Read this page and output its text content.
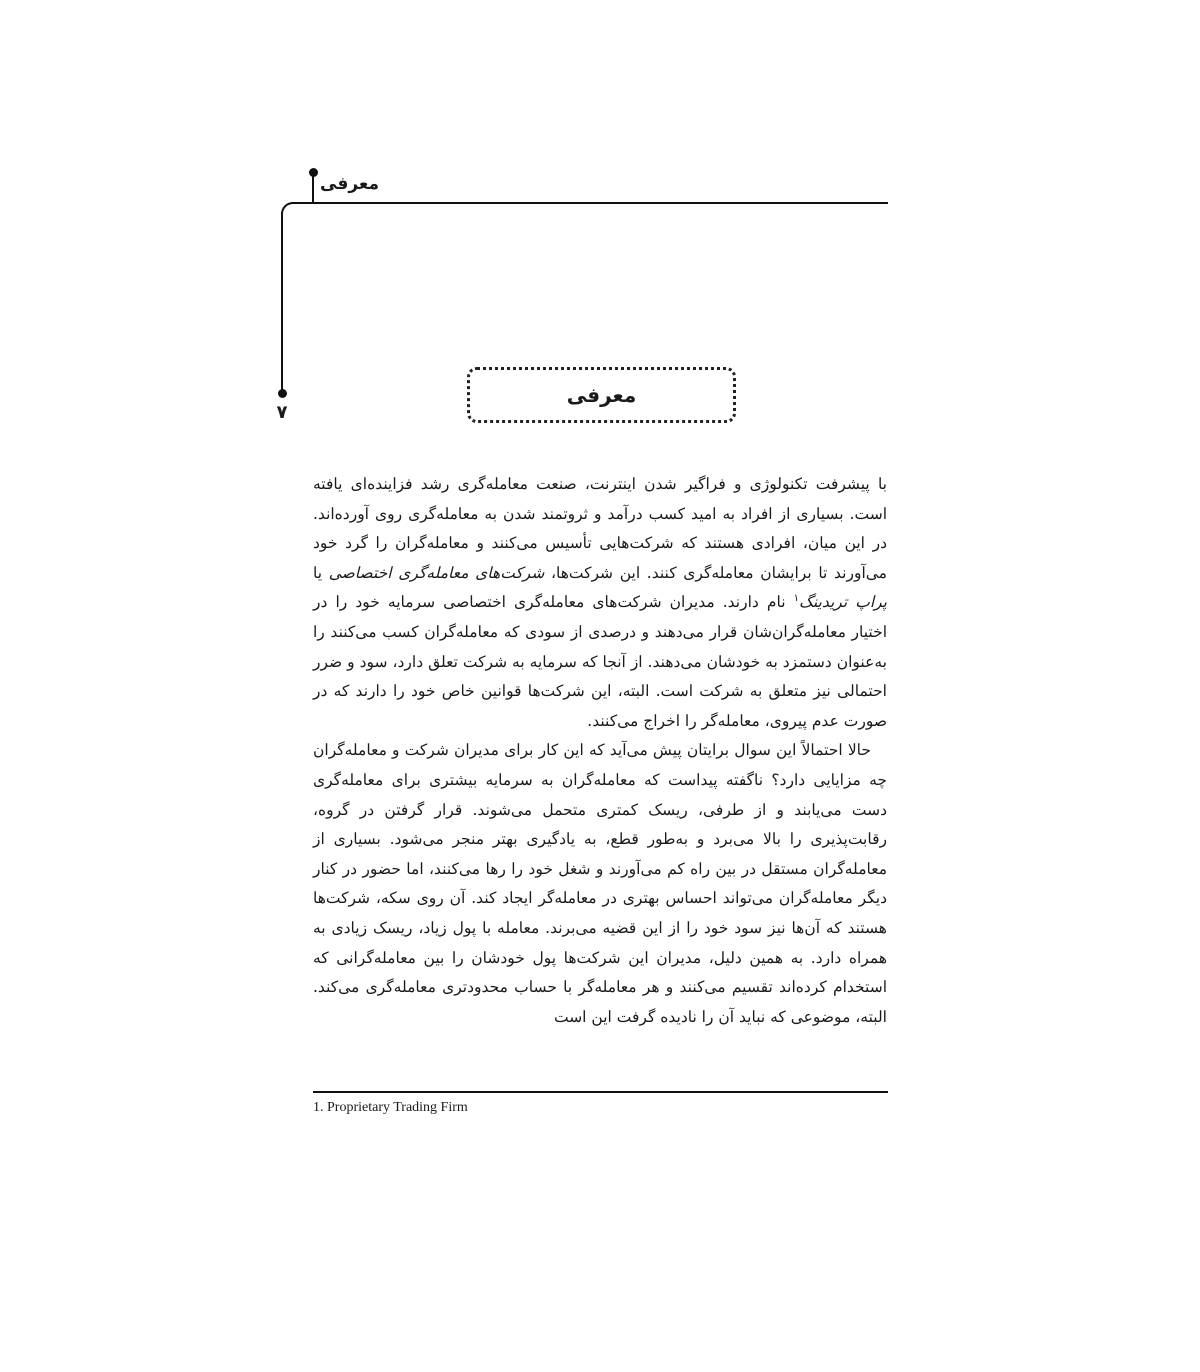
معرفی
۷
معرفی

با پیشرفت تکنولوژی و فراگیر شدن اینترنت، صنعت معامله‌گری رشد فزاینده‌ای یافته است. بسیاری از افراد به امید کسب درآمد و ثروتمند شدن به معامله‌گری روی آورده‌اند. در این میان، افرادی هستند که شرکت‌هایی تأسیس می‌کنند و معامله‌گران را گرد خود می‌آورند تا برایشان معامله‌گری کنند. این شرکت‌ها، شرکت‌های معامله‌گری اختصاصی یا پراپ تریدینگ$^۱$ نام دارند. مدیران شرکت‌های معامله‌گری اختصاصی سرمایه خود را در اختیار معامله‌گران‌شان قرار می‌دهند و درصدی از سودی که معامله‌گران کسب می‌کنند را به‌عنوان دستمزد به خودشان می‌دهند. از آنجا که سرمایه به شرکت تعلق دارد، سود و ضرر احتمالی نیز متعلق به شرکت است. البته، این شرکت‌ها قوانین خاص خود را دارند که در صورت عدم پیروی، معامله‌گر را اخراج می‌کنند.

حالا احتمالاً این سوال برایتان پیش می‌آید که این کار برای مدیران شرکت و معامله‌گران چه مزایایی دارد؟ ناگفته پیداست که معامله‌گران به سرمایه بیشتری برای معامله‌گری دست می‌یابند و از طرفی، ریسک کمتری متحمل می‌شوند. قرار گرفتن در گروه، رقابت‌پذیری را بالا می‌برد و به‌طور قطع، به یادگیری بهتر منجر می‌شود. بسیاری از معامله‌گران مستقل در بین راه کم می‌آورند و شغل خود را رها می‌کنند، اما حضور در کنار دیگر معامله‌گران می‌تواند احساس بهتری در معامله‌گر ایجاد کند. آن روی سکه، شرکت‌ها هستند که آن‌ها نیز سود خود را از این قضیه می‌برند. معامله با پول زیاد، ریسک زیادی به همراه دارد. به همین دلیل، مدیران این شرکت‌ها پول خودشان را بین معامله‌گرانی که استخدام کرده‌اند تقسیم می‌کنند و هر معامله‌گر با حساب محدودتری معامله‌گری می‌کند. البته، موضوعی که نباید آن را نادیده گرفت این است

1. Proprietary Trading Firm
